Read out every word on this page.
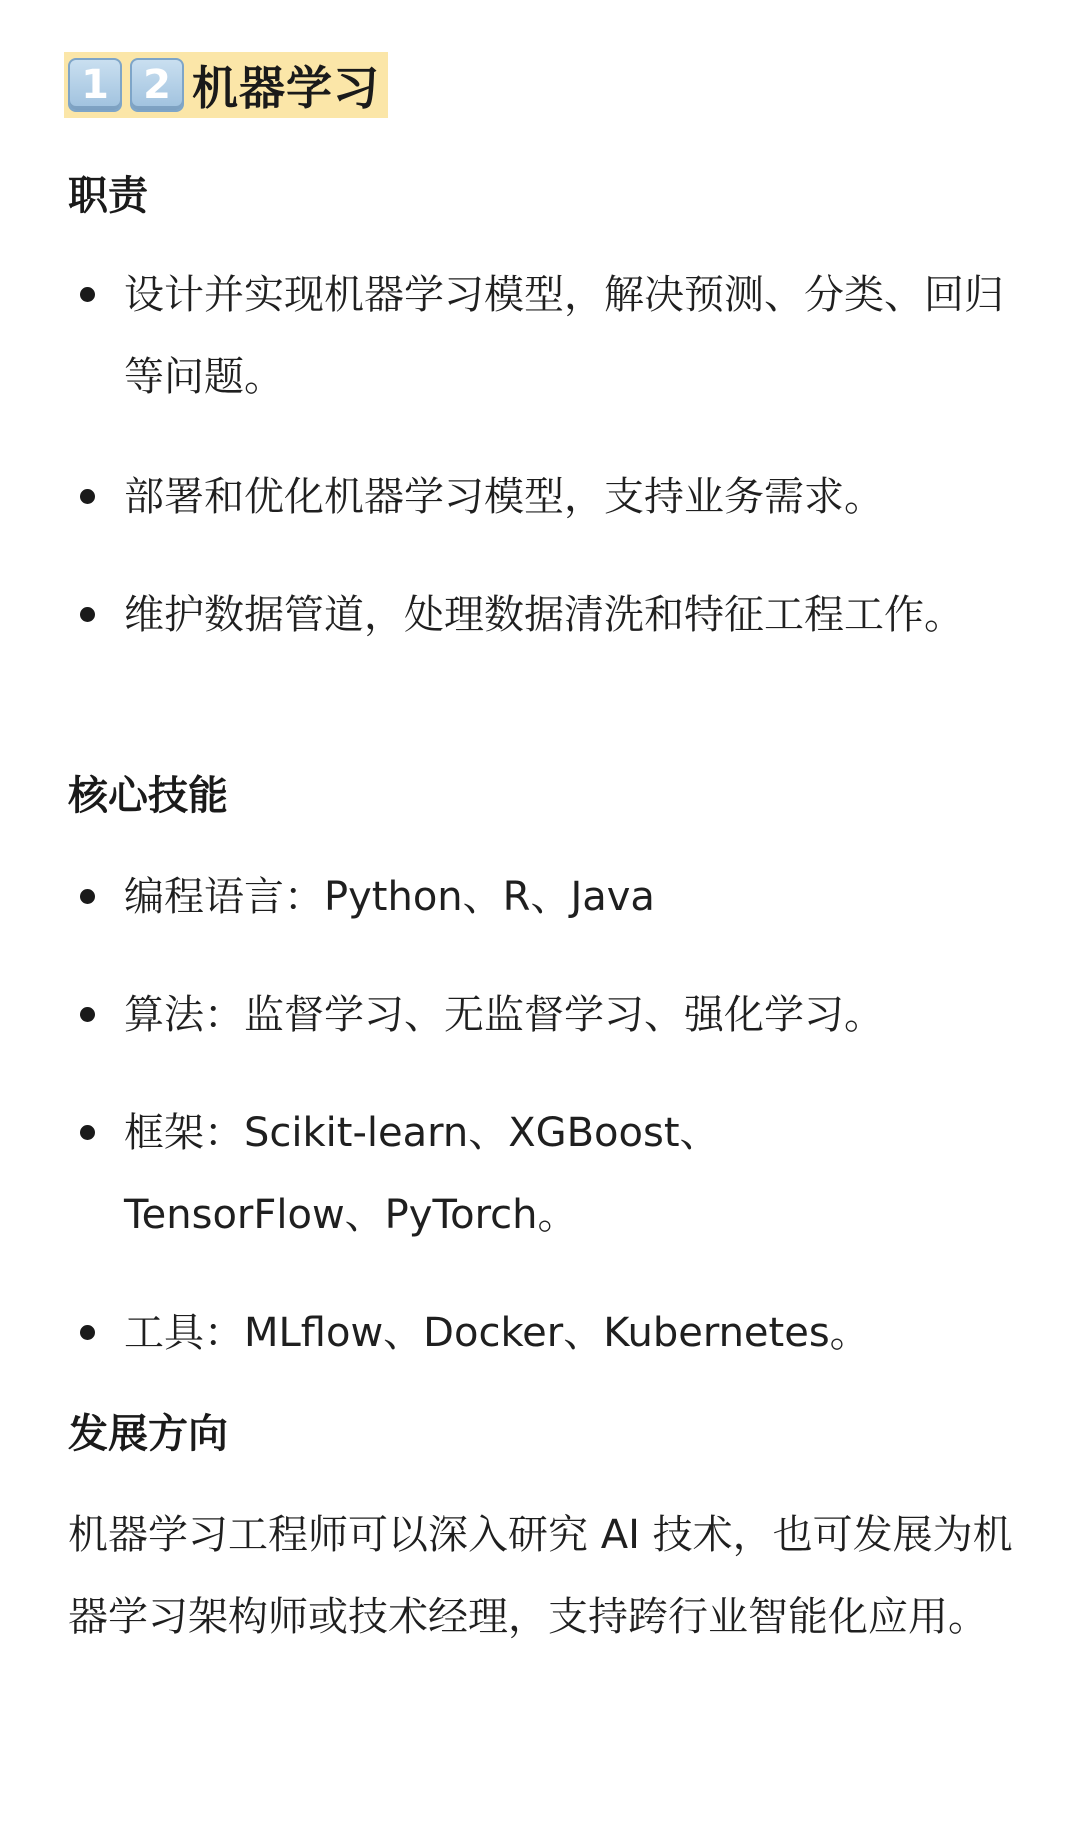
1 2 机器学习
职责
设计并实现机器学习模型，解决预测、分类、回归等问题。
部署和优化机器学习模型，支持业务需求。
维护数据管道，处理数据清洗和特征工程工作。
核心技能
编程语言：Python、R、Java
算法：监督学习、无监督学习、强化学习。
框架：Scikit-learn、XGBoost、TensorFlow、PyTorch。
工具：MLflow、Docker、Kubernetes。
发展方向

机器学习工程师可以深入研究 AI 技术，也可发展为机器学习架构师或技术经理，支持跨行业智能化应用。
